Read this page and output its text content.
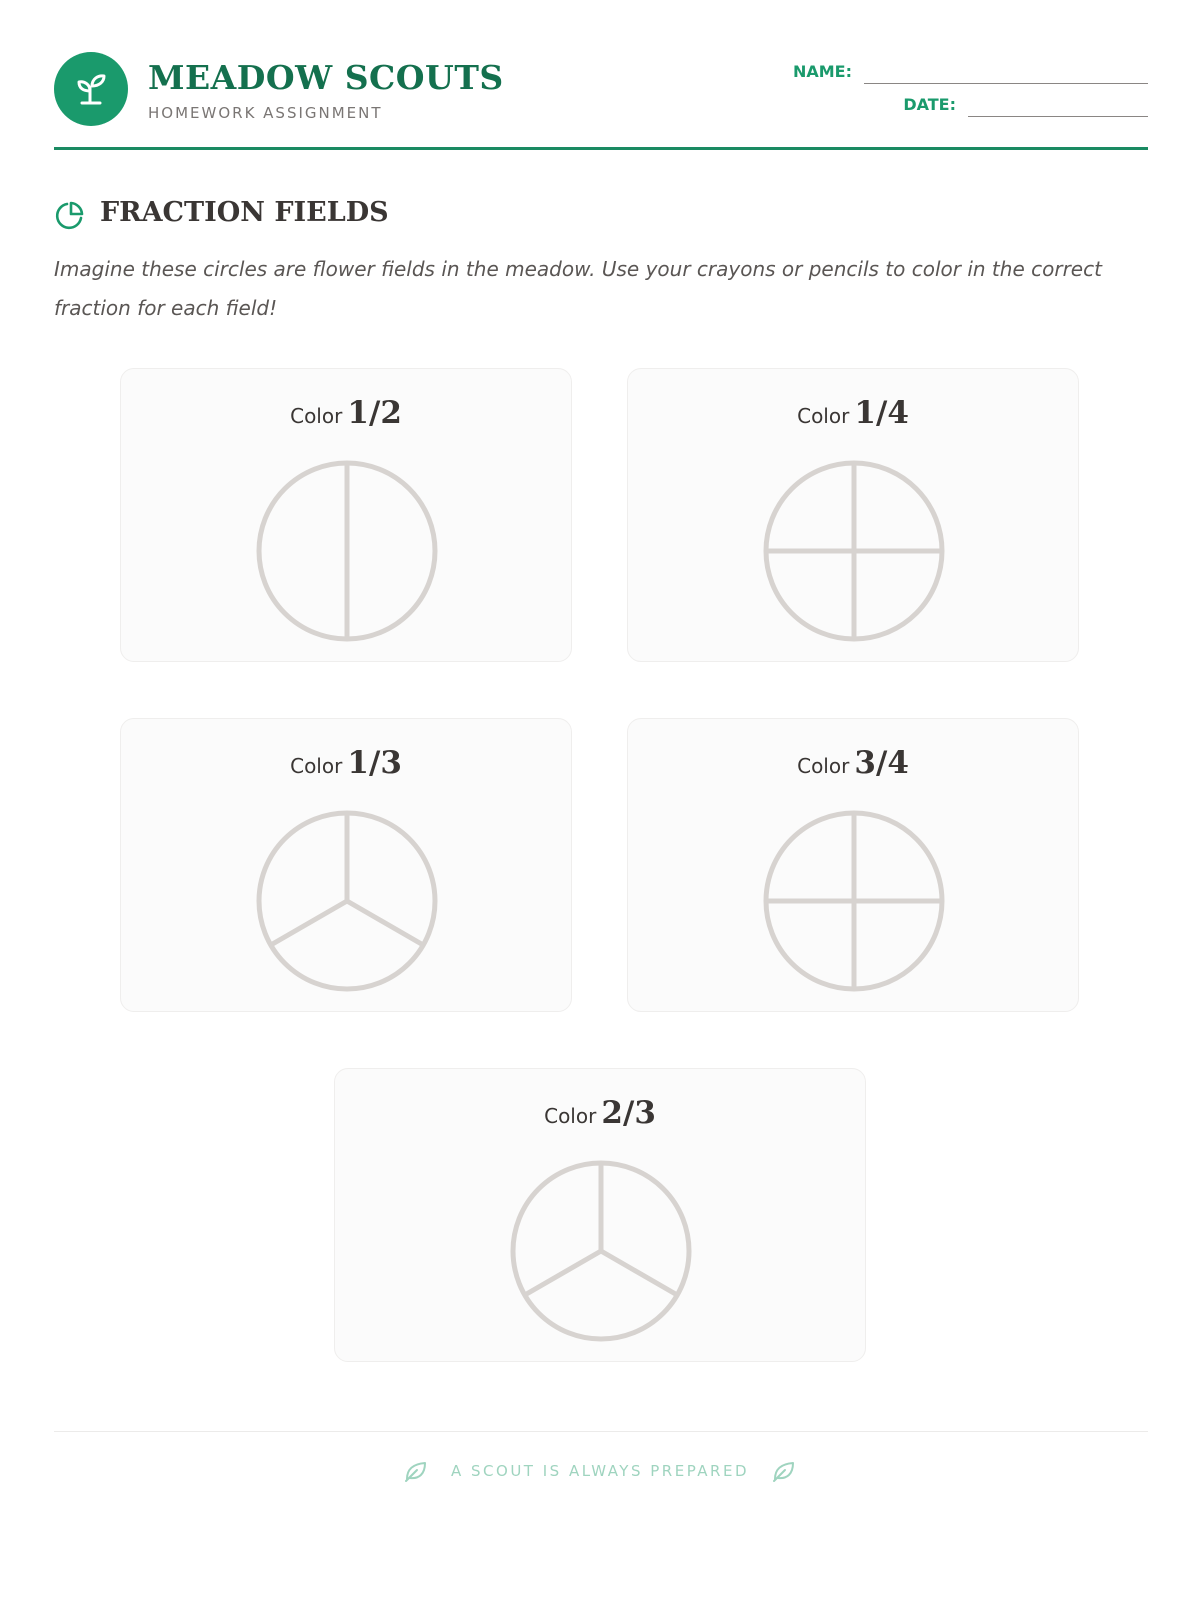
MEADOW SCOUTS
HOMEWORK ASSIGNMENT
NAME:
DATE:
FRACTION FIELDS
Imagine these circles are flower fields in the meadow. Use your crayons or pencils to color in the correct fraction for each field!
Color 1/2	Color 1/4
Color 1/3	Color 3/4
Color 2/3
A SCOUT IS ALWAYS PREPARED
